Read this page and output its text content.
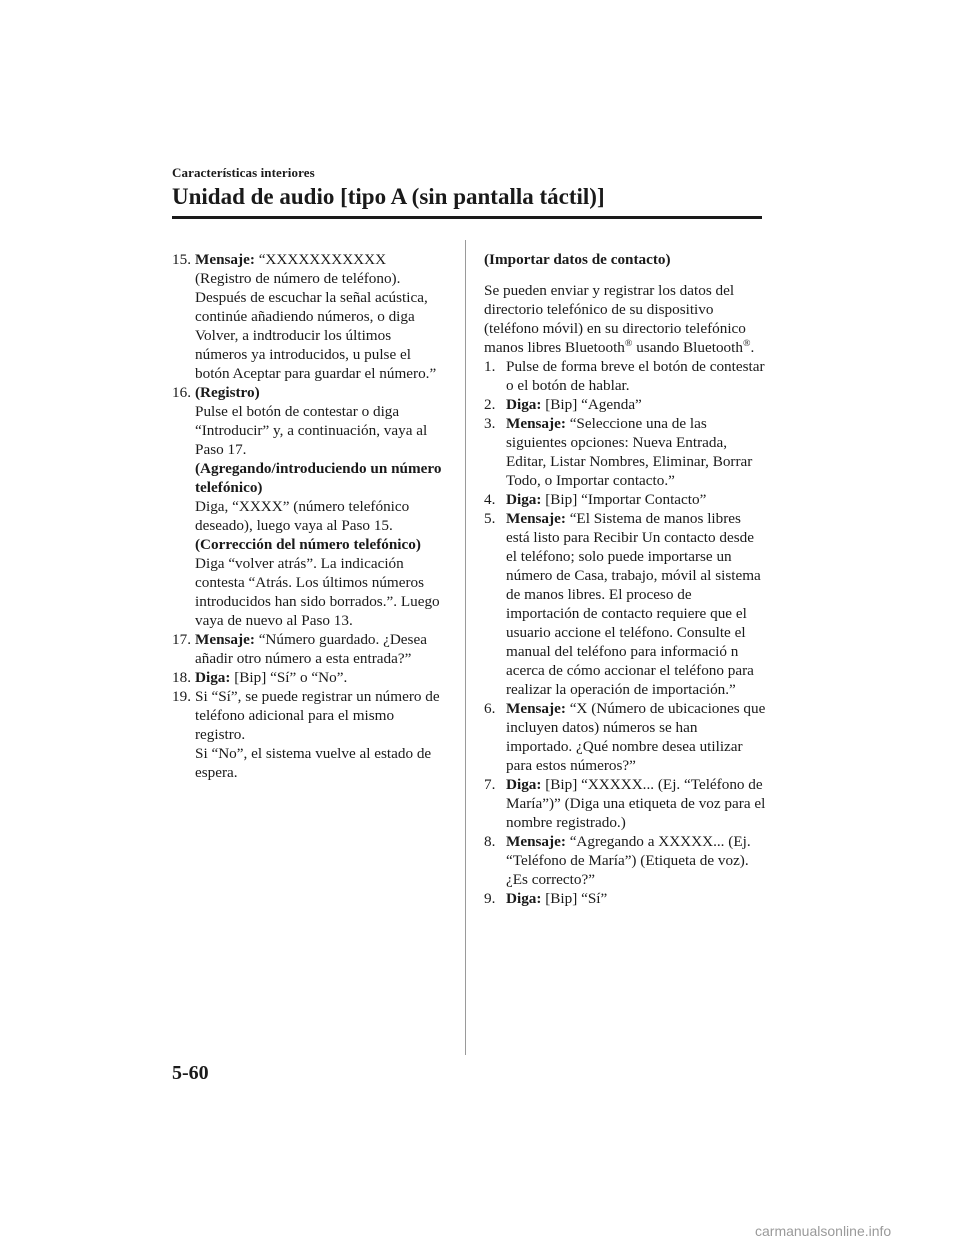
Características interiores
Unidad de audio [tipo A (sin pantalla táctil)]
15. Mensaje: “XXXXXXXXXXX (Registro de número de teléfono). Después de escuchar la señal acústica, continúe añadiendo números, o diga Volver, a indtroducir los últimos números ya introducidos, u pulse el botón Aceptar para guardar el número.”
16. (Registro)
Pulse el botón de contestar o diga “Introducir” y, a continuación, vaya al Paso 17.
(Agregando/introduciendo un número telefónico)
Diga, “XXXX” (número telefónico deseado), luego vaya al Paso 15.
(Corrección del número telefónico)
Diga “volver atrás”. La indicación contesta “Atrás. Los últimos números introducidos han sido borrados.”. Luego vaya de nuevo al Paso 13.
17. Mensaje: “Número guardado. ¿Desea añadir otro número a esta entrada?”
18. Diga: [Bip] “Sí” o “No”.
19. Si “Sí”, se puede registrar un número de teléfono adicional para el mismo registro.
Si “No”, el sistema vuelve al estado de espera.
(Importar datos de contacto)
Se pueden enviar y registrar los datos del directorio telefónico de su dispositivo (teléfono móvil) en su directorio telefónico manos libres Bluetooth® usando Bluetooth®.
1. Pulse de forma breve el botón de contestar o el botón de hablar.
2. Diga: [Bip] “Agenda”
3. Mensaje: “Seleccione una de las siguientes opciones: Nueva Entrada, Editar, Listar Nombres, Eliminar, Borrar Todo, o Importar contacto.”
4. Diga: [Bip] “Importar Contacto”
5. Mensaje: “El Sistema de manos libres está listo para Recibir Un contacto desde el teléfono; solo puede importarse un número de Casa, trabajo, móvil al sistema de manos libres. El proceso de importación de contacto requiere que el usuario accione el teléfono. Consulte el manual del teléfono para informació n acerca de cómo accionar el teléfono para realizar la operación de importación.”
6. Mensaje: “X (Número de ubicaciones que incluyen datos) números se han importado. ¿Qué nombre desea utilizar para estos números?”
7. Diga: [Bip] “XXXXX... (Ej. “Teléfono de María”)” (Diga una etiqueta de voz para el nombre registrado.)
8. Mensaje: “Agregando a XXXXX... (Ej. “Teléfono de María”) (Etiqueta de voz). ¿Es correcto?”
9. Diga: [Bip] “Sí”
5-60
carmanualsonline.info
